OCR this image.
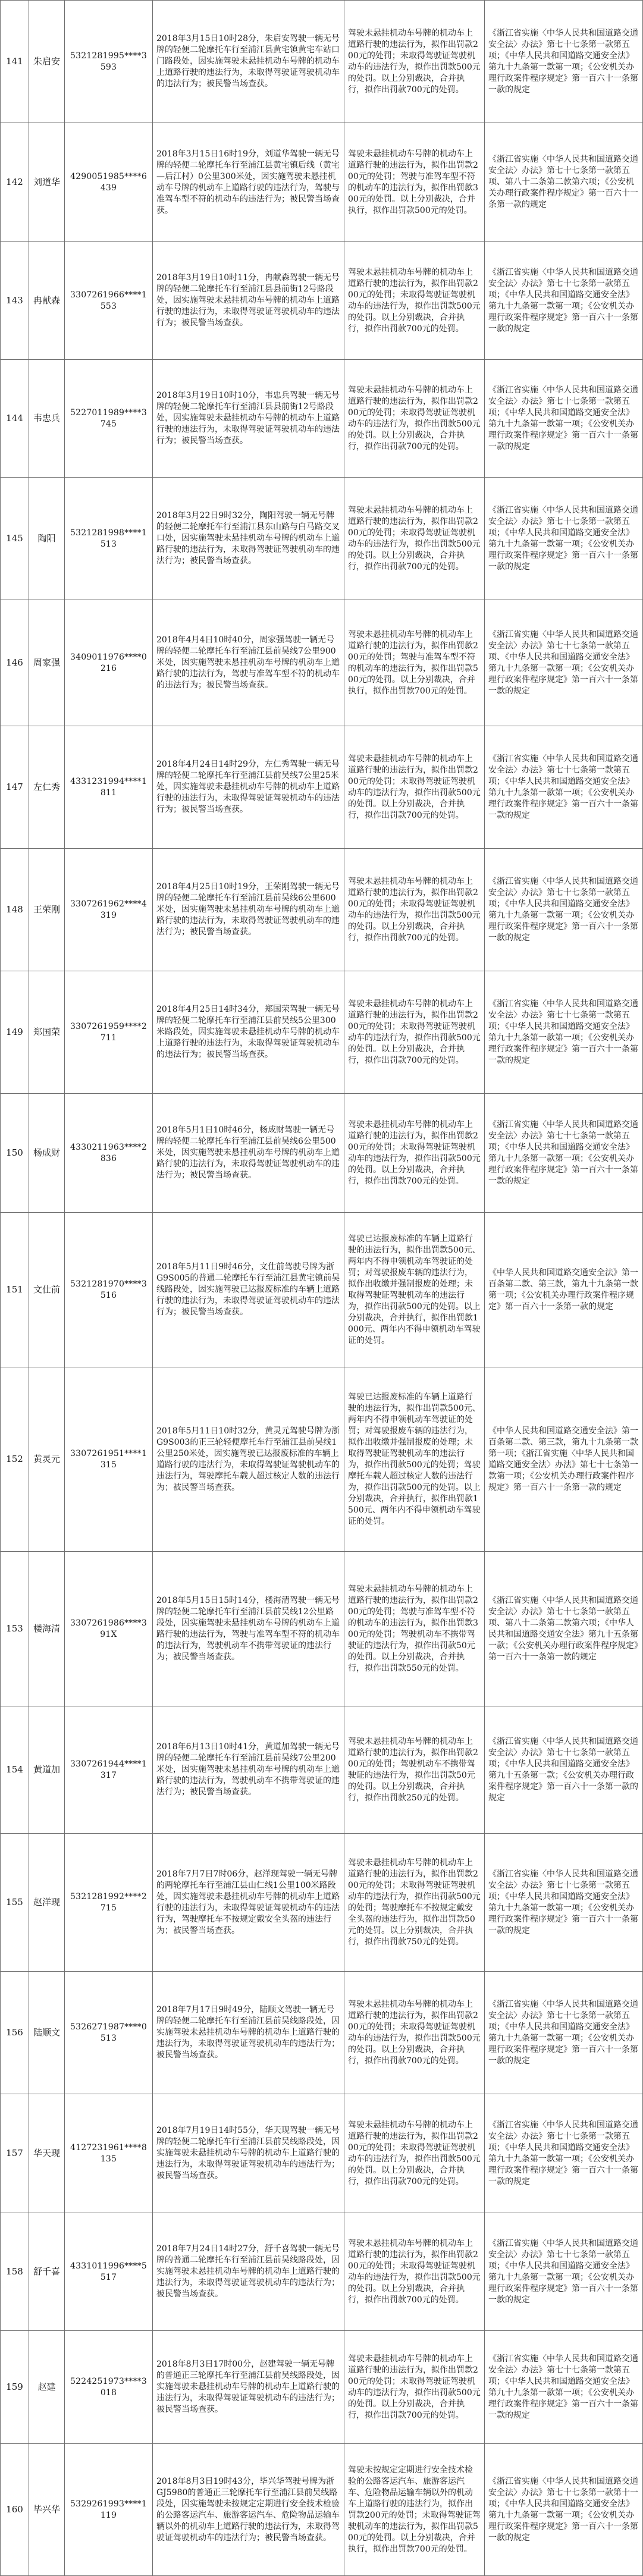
141	朱启安	5321281995****3593	2018年3月15日10时28分，朱启安驾驶一辆无号牌的轻便二轮摩托车行至浦江县黄宅镇黄宅车站口门路段处，因实施驾驶未悬挂机动车号牌的机动车上道路行驶的违法行为，未取得驾驶证驾驶机动车的违法行为；被民警当场查获。	驾驶未悬挂机动车号牌的机动车上道路行驶的违法行为，拟作出罚款200元的处罚；未取得驾驶证驾驶机动车的违法行为，拟作出罚款500元的处罚。以上分别裁决，合并执行，拟作出罚款700元的处罚。	《浙江省实施〈中华人民共和国道路交通安全法〉办法》第七十七条第一款第五项；《中华人民共和国道路交通安全法》第九十九条第一款第一项；《公安机关办理行政案件程序规定》第一百六十一条第一款的规定
142	刘道华	4290051985****6439	2018年3月15日16时19分，刘道华驾驶一辆无号牌的轻便二轮摩托车行至浦江县黄宅镇后线（黄宅—后江村）0公里300米处，因实施驾驶未悬挂机动车号牌的机动车上道路行驶的违法行为，驾驶与准驾车型不符的机动车的违法行为；被民警当场查获。	驾驶未悬挂机动车号牌的机动车上道路行驶的违法行为，拟作出罚款200元的处罚；驾驶与准驾车型不符的机动车的违法行为，拟作出罚款300元的处罚。以上分别裁决，合并执行，拟作出罚款500元的处罚。	《浙江省实施〈中华人民共和国道路交通安全法〉办法》第七十七条第一款第五项、第八十二条第二款第六项；《公安机关办理行政案件程序规定》第一百六十一条第一款的规定
143	冉献森	3307261966****1553	2018年3月19日10时11分，冉献森驾驶一辆无号牌的轻便二轮摩托车行至浦江县县前街12号路段处，因实施驾驶未悬挂机动车号牌的机动车上道路行驶的违法行为，未取得驾驶证驾驶机动车的违法行为；被民警当场查获。	驾驶未悬挂机动车号牌的机动车上道路行驶的违法行为，拟作出罚款200元的处罚；未取得驾驶证驾驶机动车的违法行为，拟作出罚款500元的处罚。以上分别裁决，合并执行，拟作出罚款700元的处罚。	《浙江省实施〈中华人民共和国道路交通安全法〉办法》第七十七条第一款第五项；《中华人民共和国道路交通安全法》第九十九条第一款第一项；《公安机关办理行政案件程序规定》第一百六十一条第一款的规定
144	韦忠兵	5227011989****3745	2018年3月19日10时10分，韦忠兵驾驶一辆无号牌的轻便二轮摩托车行至浦江县县前街12号路段处，因实施驾驶未悬挂机动车号牌的机动车上道路行驶的违法行为，未取得驾驶证驾驶机动车的违法行为；被民警当场查获。	驾驶未悬挂机动车号牌的机动车上道路行驶的违法行为，拟作出罚款200元的处罚；未取得驾驶证驾驶机动车的违法行为，拟作出罚款500元的处罚。以上分别裁决，合并执行，拟作出罚款700元的处罚。	《浙江省实施〈中华人民共和国道路交通安全法〉办法》第七十七条第一款第五项；《中华人民共和国道路交通安全法》第九十九条第一款第一项；《公安机关办理行政案件程序规定》第一百六十一条第一款的规定
145	陶阳	5321281998****1513	2018年3月22日9时32分，陶阳驾驶一辆无号牌的轻便二轮摩托车行至浦江县东山路与白马路交叉口处，因实施驾驶未悬挂机动车号牌的机动车上道路行驶的违法行为，未取得驾驶证驾驶机动车的违法行为；被民警当场查获。	驾驶未悬挂机动车号牌的机动车上道路行驶的违法行为，拟作出罚款200元的处罚；未取得驾驶证驾驶机动车的违法行为，拟作出罚款500元的处罚。以上分别裁决，合并执行，拟作出罚款700元的处罚。	《浙江省实施〈中华人民共和国道路交通安全法〉办法》第七十七条第一款第五项；《中华人民共和国道路交通安全法》第九十九条第一款第一项；《公安机关办理行政案件程序规定》第一百六十一条第一款的规定
146	周家强	3409011976****0216	2018年4月4日10时40分，周家强驾驶一辆无号牌的轻便二轮摩托车行至浦江县前吴线7公里900米处，因实施驾驶未悬挂机动车号牌的机动车上道路行驶的违法行为，驾驶与准驾车型不符的机动车的违法行为；被民警当场查获。	驾驶未悬挂机动车号牌的机动车上道路行驶的违法行为，拟作出罚款200元的处罚；驾驶与准驾车型不符的机动车的违法行为，拟作出罚款500元的处罚。以上分别裁决，合并执行，拟作出罚款700元的处罚。	《浙江省实施〈中华人民共和国道路交通安全法〉办法》第七十七条第一款第五项、《中华人民共和国道路交通安全法》第九十九条第一款第一项；《公安机关办理行政案件程序规定》第一百六十一条第一款的规定
147	左仁秀	4331231994****1811	2018年4月24日14时29分，左仁秀驾驶一辆无号牌的轻便二轮摩托车行至浦江县前吴线7公里25米处，因实施驾驶未悬挂机动车号牌的机动车上道路行驶的违法行为，未取得驾驶证驾驶机动车的违法行为；被民警当场查获。	驾驶未悬挂机动车号牌的机动车上道路行驶的违法行为，拟作出罚款200元的处罚；未取得驾驶证驾驶机动车的违法行为，拟作出罚款500元的处罚。以上分别裁决，合并执行，拟作出罚款700元的处罚。	《浙江省实施〈中华人民共和国道路交通安全法〉办法》第七十七条第一款第五项；《中华人民共和国道路交通安全法》第九十九条第一款第一项；《公安机关办理行政案件程序规定》第一百六十一条第一款的规定
148	王荣刚	3307261962****4319	2018年4月25日10时19分，王荣刚驾驶一辆无号牌的轻便二轮摩托车行至浦江县前吴线6公里600米处，因实施驾驶未悬挂机动车号牌的机动车上道路行驶的违法行为，未取得驾驶证驾驶机动车的违法行为；被民警当场查获。	驾驶未悬挂机动车号牌的机动车上道路行驶的违法行为，拟作出罚款200元的处罚；未取得驾驶证驾驶机动车的违法行为，拟作出罚款500元的处罚。以上分别裁决，合并执行，拟作出罚款700元的处罚。	《浙江省实施〈中华人民共和国道路交通安全法〉办法》第七十七条第一款第五项；《中华人民共和国道路交通安全法》第九十九条第一款第一项；《公安机关办理行政案件程序规定》第一百六十一条第一款的规定
149	郑国荣	3307261959****2711	2018年4月25日14时34分，郑国荣驾驶一辆无号牌的轻便二轮摩托车行至浦江县前吴线5公里300米路段处，因实施驾驶未悬挂机动车号牌的机动车上道路行驶的违法行为，未取得驾驶证驾驶机动车的违法行为；被民警当场查获。	驾驶未悬挂机动车号牌的机动车上道路行驶的违法行为，拟作出罚款200元的处罚；未取得驾驶证驾驶机动车的违法行为，拟作出罚款500元的处罚。以上分别裁决，合并执行，拟作出罚款700元的处罚。	《浙江省实施〈中华人民共和国道路交通安全法〉办法》第七十七条第一款第五项；《中华人民共和国道路交通安全法》第九十九条第一款第一项；《公安机关办理行政案件程序规定》第一百六十一条第一款的规定
150	杨成财	4330211963****2836	2018年5月1日10时46分，杨成财驾驶一辆无号牌的轻便二轮摩托车行至浦江县前吴线6公里500米处，因实施驾驶未悬挂机动车号牌的机动车上道路行驶的违法行为，未取得驾驶证驾驶机动车的违法行为；被民警当场查获。	驾驶未悬挂机动车号牌的机动车上道路行驶的违法行为，拟作出罚款200元的处罚；未取得驾驶证驾驶机动车的违法行为，拟作出罚款500元的处罚。以上分别裁决，合并执行，拟作出罚款700元的处罚。	《浙江省实施〈中华人民共和国道路交通安全法〉办法》第七十七条第一款第五项；《中华人民共和国道路交通安全法》第九十九条第一款第一项；《公安机关办理行政案件程序规定》第一百六十一条第一款的规定
151	文仕前	5321281970****3516	2018年5月11日9时46分，文仕前驾驶号牌为浙G9S005的普通二轮摩托车行至浦江县黄宅镇前吴线路段处，因实施驾驶已达报废标准的车辆上道路行驶的违法行为，未取得驾驶证驾驶机动车的违法行为；被民警当场查获。	驾驶已达报废标准的车辆上道路行驶的违法行为，拟作出罚款500元、两年内不得申领机动车驾驶证的处罚；对驾驶报废车辆的违法行为，拟作出收缴并强制报废的处理；未取得驾驶证驾驶机动车的违法行为，拟作出罚款500元的处罚。以上分别裁决，合并执行，拟作出罚款1000元、两年内不得申领机动车驾驶证的处罚。	《中华人民共和国道路交通安全法》第一百条第二款、第三款，第九十九条第一款第一项；《公安机关办理行政案件程序规定》第一百六十一条第一款的规定
152	黄灵元	3307261951****1315	2018年5月11日10时32分，黄灵元驾驶号牌为浙G9S003的正三轮轻便摩托车行至浦江县前吴线1公里250米处，因实施驾驶已达报废标准的车辆上道路行驶的违法行为，未取得驾驶证驾驶机动车的违法行为，驾驶摩托车载人超过核定人数的违法行为；被民警当场查获。	驾驶已达报废标准的车辆上道路行驶的违法行为，拟作出罚款500元、两年内不得申领机动车驾驶证的处罚；对驾驶报废车辆的违法行为，拟作出收缴并强制报废的处理；未取得驾驶证驾驶机动车的违法行为，拟作出罚款500元的处罚；驾驶摩托车载人超过核定人数的违法行为，拟作出罚款500元的处罚。以上分别裁决，合并执行，拟作出罚款1500元、两年内不得申领机动车驾驶证的处罚。	《中华人民共和国道路交通安全法》第一百条第二款、第三款，第九十九条第一款第一项；《浙江省实施〈中华人民共和国道路交通安全法〉办法》第七十七条第一款第一项；《公安机关办理行政案件程序规定》第一百六十一条第一款的规定
153	楼海清	3307261986****391X	2018年5月15日15时14分，楼海清驾驶一辆无号牌的轻便二轮摩托车行至浦江县前吴线12公里路段处，因实施驾驶未悬挂机动车号牌的机动车上道路行驶的违法行为，驾驶与准驾车型不符的机动车的违法行为，驾驶机动车不携带驾驶证的违法行为；被民警当场查获。	驾驶未悬挂机动车号牌的机动车上道路行驶的违法行为，拟作出罚款200元的处罚；驾驶与准驾车型不符的机动车的违法行为，拟作出罚款300元的处罚；驾驶机动车不携带驾驶证的违法行为，拟作出罚款50元的处罚。以上分别裁决，合并执行，拟作出罚款550元的处罚。	《浙江省实施〈中华人民共和国道路交通安全法〉办法》第七十七条第一款第五项、第八十二条第二款第六项；《中华人民共和国道路交通安全法》第九十五条第一款；《公安机关办理行政案件程序规定》第一百六十一条第一款的规定
154	黄道加	3307261944****1317	2018年6月13日10时41分，黄道加驾驶一辆无号牌的轻便二轮摩托车行至浦江县前吴线7公里200米处，因实施驾驶未悬挂机动车号牌的机动车上道路行驶的违法行为，驾驶机动车不携带驾驶证的违法行为；被民警当场查获。	驾驶未悬挂机动车号牌的机动车上道路行驶的违法行为，拟作出罚款200元的处罚；驾驶机动车不携带驾驶证的违法行为，拟作出罚款50元的处罚。以上分别裁决，合并执行，拟作出罚款250元的处罚。	《浙江省实施〈中华人民共和国道路交通安全法〉办法》第七十七条第一款第五项；《中华人民共和国道路交通安全法》第九十五条第一款；《公安机关办理行政案件程序规定》第一百六十一条第一款的规定
155	赵洋现	5321281992****2715	2018年7月7日7时06分，赵洋现驾驶一辆无号牌的两轮摩托车行至浦江县山仁线1公里100米路段处，因实施驾驶未悬挂机动车号牌的机动车上道路行驶的违法行为，未取得驾驶证驾驶机动车的违法行为，驾驶摩托车不按规定戴安全头盔的违法行为；被民警当场查获。	驾驶未悬挂机动车号牌的机动车上道路行驶的违法行为，拟作出罚款200元的处罚；未取得驾驶证驾驶机动车的违法行为，拟作出罚款500元的处罚；驾驶摩托车不按规定戴安全头盔的违法行为，拟作出罚款50元的处罚。以上分别裁决，合并执行，拟作出罚款750元的处罚。	《浙江省实施〈中华人民共和国道路交通安全法〉办法》第七十七条第一款第五项；《中华人民共和国道路交通安全法》第九十九条第一款第一项；《公安机关办理行政案件程序规定》第一百六十一条第一款的规定
156	陆顺文	5326271987****0513	2018年7月17日9时49分，陆顺文驾驶一辆无号牌的轻便二轮摩托车行至浦江县前吴线路段处，因实施驾驶未悬挂机动车号牌的机动车上道路行驶的违法行为，未取得驾驶证驾驶机动车的违法行为；被民警当场查获。	驾驶未悬挂机动车号牌的机动车上道路行驶的违法行为，拟作出罚款200元的处罚；未取得驾驶证驾驶机动车的违法行为，拟作出罚款500元的处罚。以上分别裁决，合并执行，拟作出罚款700元的处罚。	《浙江省实施〈中华人民共和国道路交通安全法〉办法》第七十七条第一款第五项；《中华人民共和国道路交通安全法》第九十九条第一款第一项；《公安机关办理行政案件程序规定》第一百六十一条第一款的规定
157	华天现	4127231961****8135	2018年7月19日14时55分，华天现驾驶一辆无号牌的轻便二轮摩托车行至浦江县前吴线路段处，因实施驾驶未悬挂机动车号牌的机动车上道路行驶的违法行为，未取得驾驶证驾驶机动车的违法行为；被民警当场查获。	驾驶未悬挂机动车号牌的机动车上道路行驶的违法行为，拟作出罚款200元的处罚；未取得驾驶证驾驶机动车的违法行为，拟作出罚款500元的处罚。以上分别裁决，合并执行，拟作出罚款700元的处罚。	《浙江省实施〈中华人民共和国道路交通安全法〉办法》第七十七条第一款第五项；《中华人民共和国道路交通安全法》第九十九条第一款第一项；《公安机关办理行政案件程序规定》第一百六十一条第一款的规定
158	舒千喜	4331011996****5517	2018年7月24日14时27分，舒千喜驾驶一辆无号牌的普通二轮摩托车行至浦江县前吴线路段处，因实施驾驶未悬挂机动车号牌的机动车上道路行驶的违法行为，未取得驾驶证驾驶机动车的违法行为；被民警当场查获。	驾驶未悬挂机动车号牌的机动车上道路行驶的违法行为，拟作出罚款200元的处罚；未取得驾驶证驾驶机动车的违法行为，拟作出罚款500元的处罚。以上分别裁决，合并执行，拟作出罚款700元的处罚。	《浙江省实施〈中华人民共和国道路交通安全法〉办法》第七十七条第一款第五项；《中华人民共和国道路交通安全法》第九十九条第一款第一项；《公安机关办理行政案件程序规定》第一百六十一条第一款的规定
159	赵建	5224251973****3018	2018年8月3日17时00分，赵建驾驶一辆无号牌的普通正三轮摩托车行至浦江县前吴线路段处，因实施驾驶未悬挂机动车号牌的机动车上道路行驶的违法行为，未取得驾驶证驾驶机动车的违法行为；被民警当场查获。	驾驶未悬挂机动车号牌的机动车上道路行驶的违法行为，拟作出罚款200元的处罚；未取得驾驶证驾驶机动车的违法行为，拟作出罚款500元的处罚。以上分别裁决，合并执行，拟作出罚款700元的处罚。	《浙江省实施〈中华人民共和国道路交通安全法〉办法》第七十七条第一款第五项；《中华人民共和国道路交通安全法》第九十九条第一款第一项；《公安机关办理行政案件程序规定》第一百六十一条第一款的规定
160	毕兴华	5329261993****1119	2018年8月3日19时43分，毕兴华驾驶号牌为浙GJ5980的普通正三轮摩托车行至浦江县前吴线路段处，因实施驾驶未按规定定期进行安全技术检验的公路客运汽车、旅游客运汽车、危险物品运输车辆以外的机动车上道路行驶的违法行为，未取得驾驶证驾驶机动车的违法行为；被民警当场查获。	驾驶未按规定定期进行安全技术检验的公路客运汽车、旅游客运汽车、危险物品运输车辆以外的机动车上道路行驶的违法行为，拟作出罚款200元的处罚；未取得驾驶证驾驶机动车的违法行为，拟作出罚款500元的处罚。以上分别裁决，合并执行，拟作出罚款700元的处罚。	《浙江省实施〈中华人民共和国道路交通安全法〉办法》第七十七条第一款第十一项；《中华人民共和国道路交通安全法》第九十九条第一款第一项；《公安机关办理行政案件程序规定》第一百六十一条第一款的规定
